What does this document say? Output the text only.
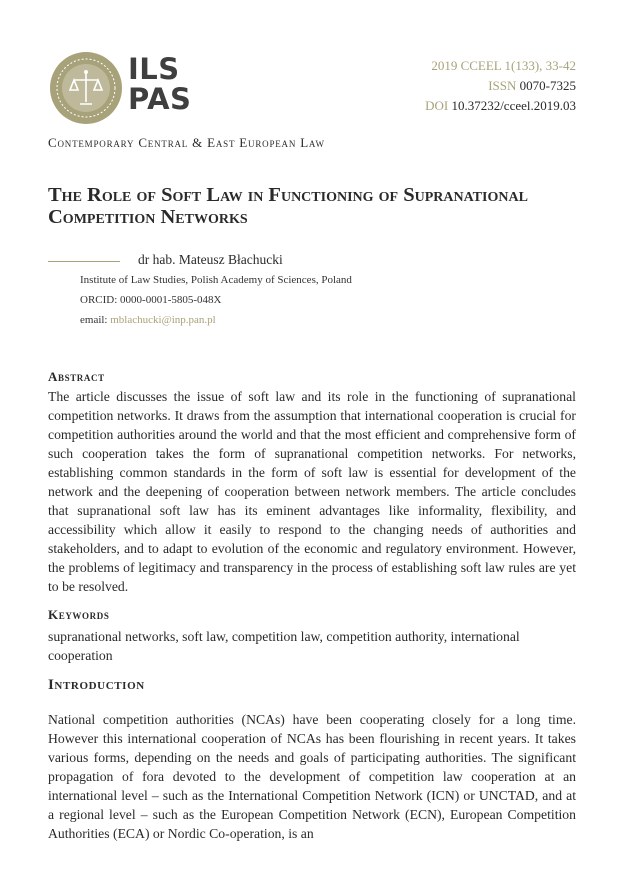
ILS
PAS
2019 CCEEL 1(133), 33-42
ISSN 0070-7325
DOI 10.37232/cceel.2019.03
Contemporary Central & East European Law
The Role of Soft Law in Functioning of Supranational Competition Networks
dr hab. Mateusz Błachucki
Institute of Law Studies, Polish Academy of Sciences, Poland
ORCID: 0000-0001-5805-048X
email: mblachucki@inp.pan.pl
Abstract
The article discusses the issue of soft law and its role in the functioning of supranational competition networks. It draws from the assumption that international cooperation is crucial for competition authorities around the world and that the most efficient and comprehensive form of such cooperation takes the form of supranational competition networks. For networks, establishing common standards in the form of soft law is essential for development of the network and the deepening of cooperation between network members. The article concludes that supranational soft law has its eminent advantages like informality, flexibility, and accessibility which allow it easily to respond to the changing needs of authorities and stakeholders, and to adapt to evolution of the economic and regulatory environment. However, the problems of legitimacy and transparency in the process of establishing soft law rules are yet to be resolved.
Keywords
supranational networks, soft law, competition law, competition authority, international cooperation
Introduction
National competition authorities (NCAs) have been cooperating closely for a long time. However this international cooperation of NCAs has been flourishing in recent years. It takes various forms, depending on the needs and goals of participating authorities. The significant propagation of fora devoted to the development of competition law cooperation at an international level – such as the International Competition Network (ICN) or UNCTAD, and at a regional level – such as the European Competition Network (ECN), European Competition Authorities (ECA) or Nordic Co-operation, is an
